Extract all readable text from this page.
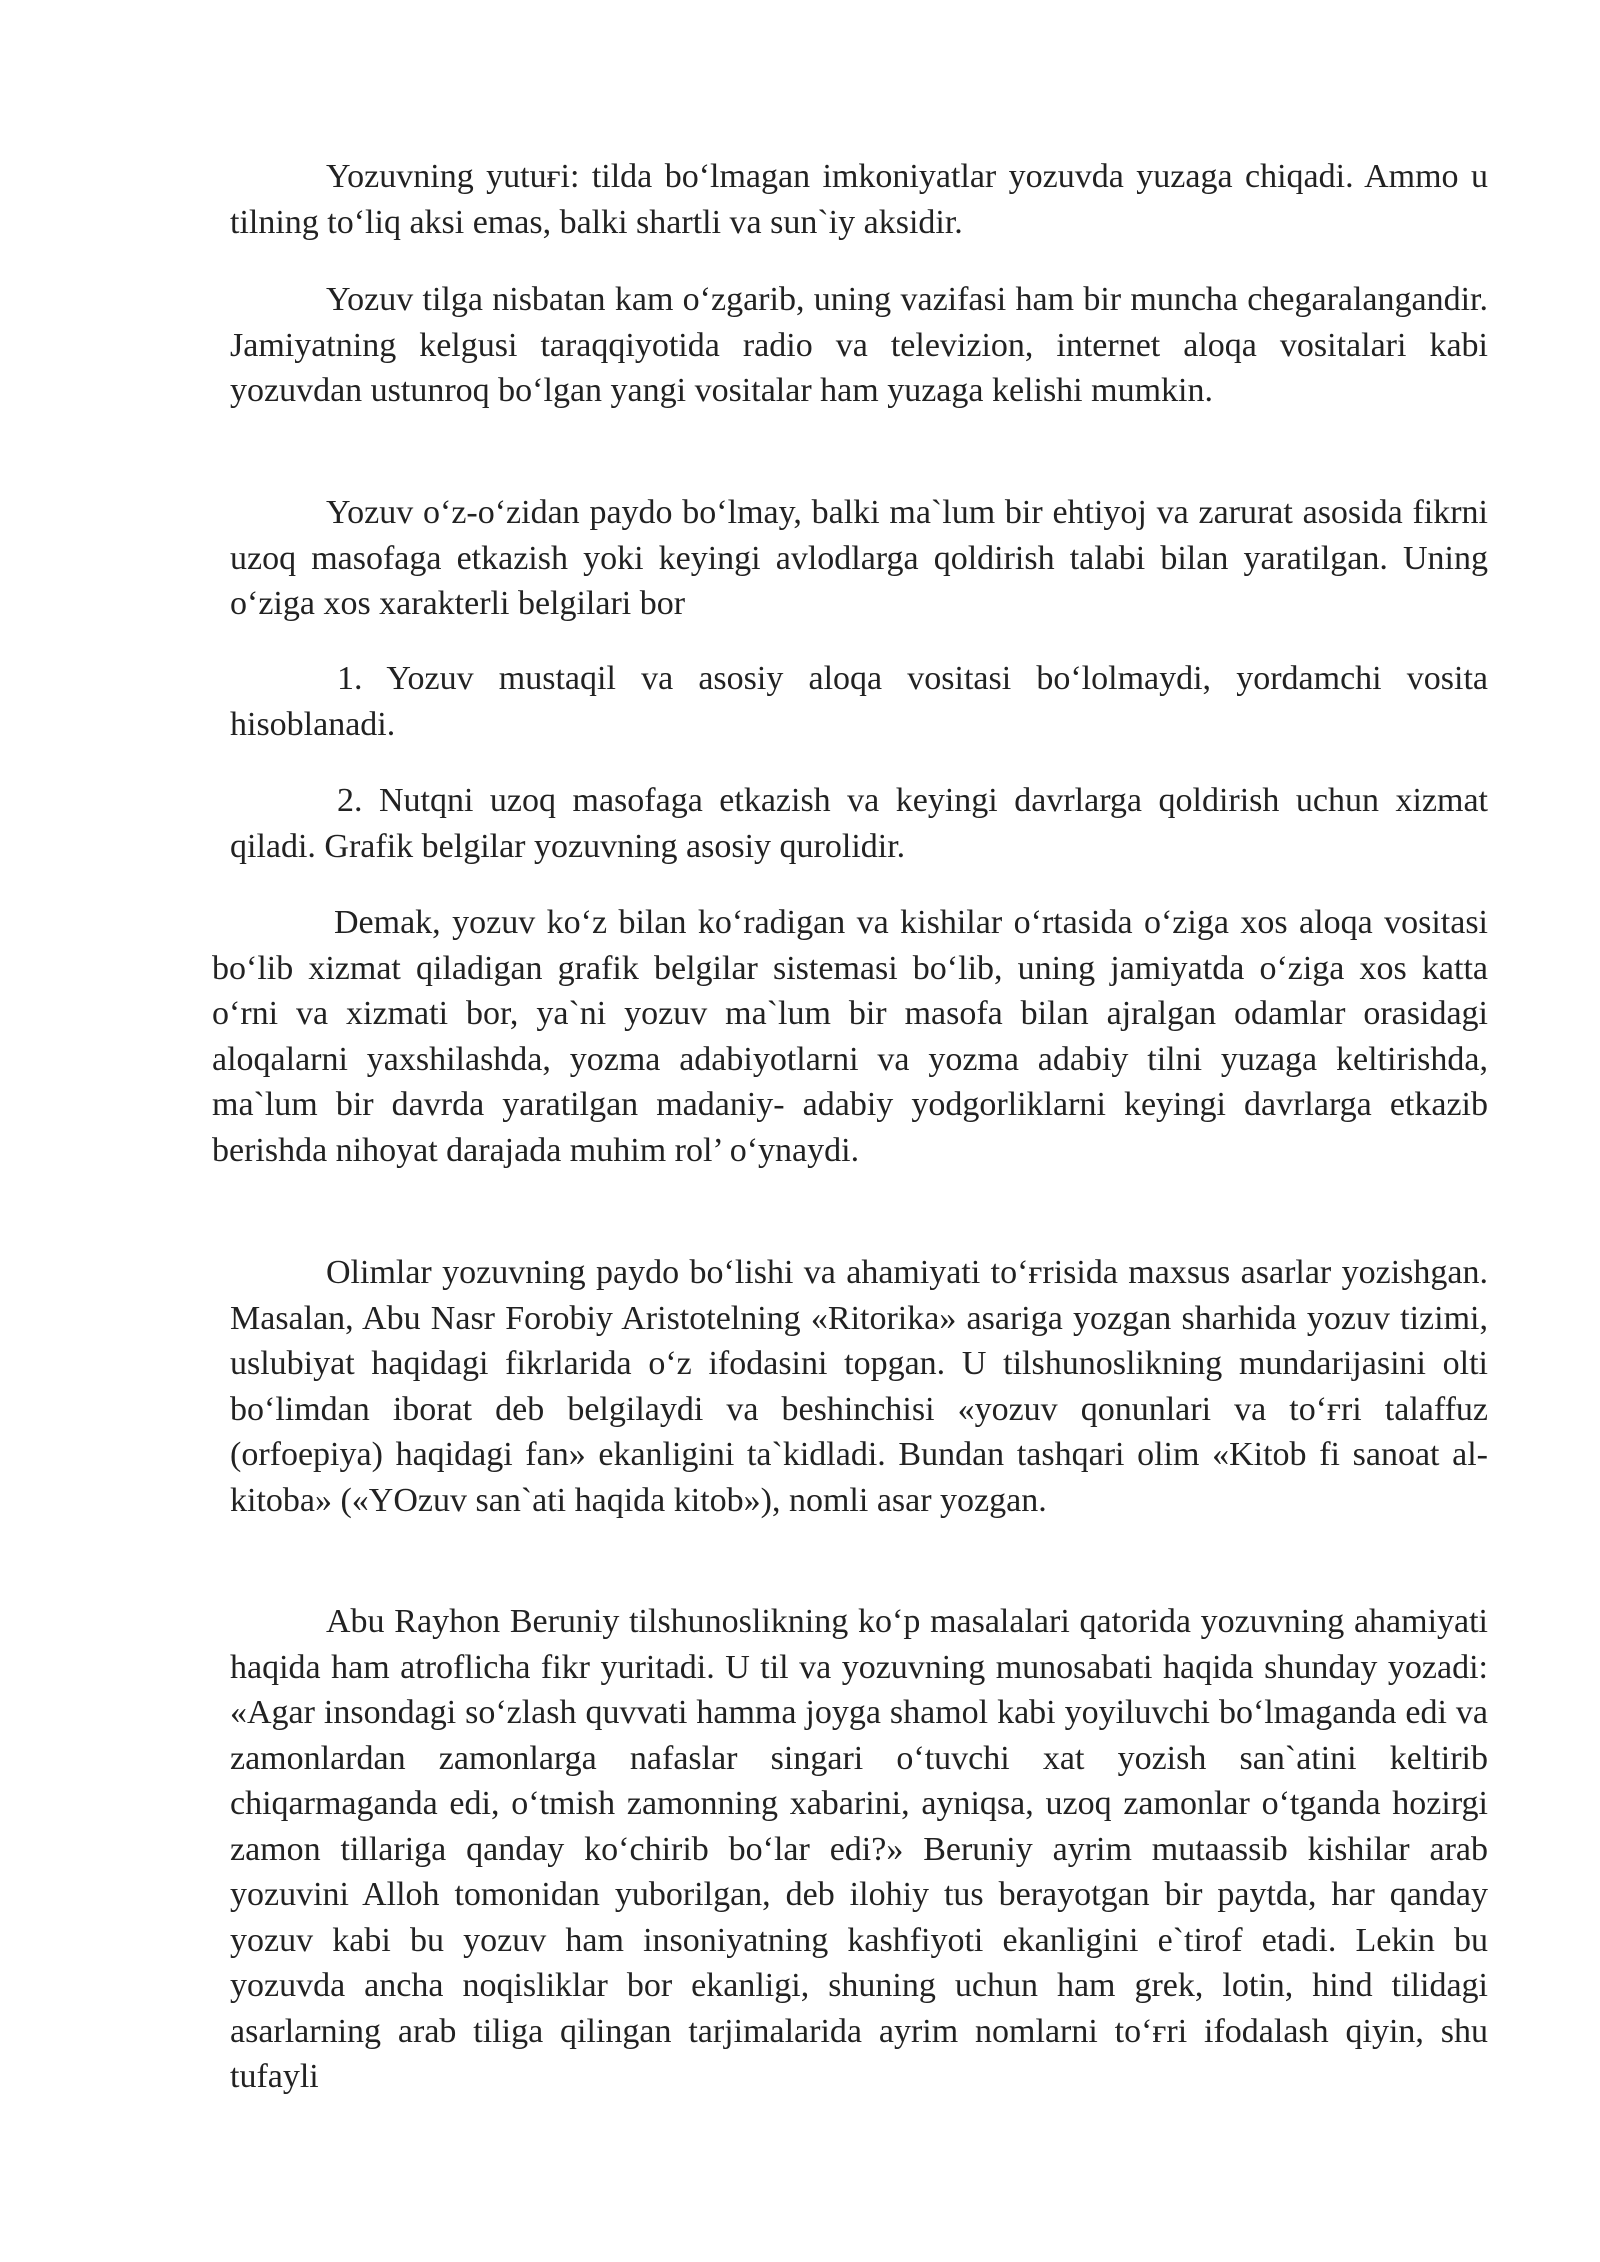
Yozuvning yutuғi: tilda bo‘lmagan imkoniyatlar yozuvda yuzaga chiqadi. Ammo u tilning to‘liq aksi emas, balki shartli va sun`iy aksidir.

Yozuv tilga nisbatan kam o‘zgarib, uning vazifasi ham bir muncha chegaralangandir. Jamiyatning kelgusi taraqqiyotida radio va televizion, internet aloqa vositalari kabi yozuvdan ustunroq bo‘lgan yangi vositalar ham yuzaga kelishi mumkin.

Yozuv o‘z-o‘zidan paydo bo‘lmay, balki ma`lum bir ehtiyoj va zarurat asosida fikrni uzoq masofaga etkazish yoki keyingi avlodlarga qoldirish talabi bilan yaratilgan. Uning o‘ziga xos xarakterli belgilari bor

1. Yozuv mustaqil va asosiy aloqa vositasi bo‘lolmaydi, yordamchi vosita hisoblanadi.

2. Nutqni uzoq masofaga etkazish va keyingi davrlarga qoldirish uchun xizmat qiladi. Grafik belgilar yozuvning asosiy qurolidir.

Demak, yozuv ko‘z bilan ko‘radigan va kishilar o‘rtasida o‘ziga xos aloqa vositasi bo‘lib xizmat qiladigan grafik belgilar sistemasi bo‘lib, uning jamiyatda o‘ziga xos katta o‘rni va xizmati bor, ya`ni yozuv ma`lum bir masofa bilan ajralgan odamlar orasidagi aloqalarni yaxshilashda, yozma adabiyotlarni va yozma adabiy tilni yuzaga keltirishda, ma`lum bir davrda yaratilgan madaniy- adabiy yodgorliklarni keyingi davrlarga etkazib berishda nihoyat darajada muhim rol’ o‘ynaydi.

Olimlar yozuvning paydo bo‘lishi va ahamiyati to‘ғrisida maxsus asarlar yozishgan. Masalan, Abu Nasr Forobiy Aristotelning «Ritorika» asariga yozgan sharhida yozuv tizimi, uslubiyat haqidagi fikrlarida o‘z ifodasini topgan. U tilshunoslikning mundarijasini olti bo‘limdan iborat deb belgilaydi va beshinchisi «yozuv qonunlari va to‘ғri talaffuz (orfoepiya) haqidagi fan» ekanligini ta`kidladi. Bundan tashqari olim «Kitob fi sanoat al-kitoba» («YOzuv san`ati haqida kitob»), nomli asar yozgan.

Abu Rayhon Beruniy tilshunoslikning ko‘p masalalari qatorida yozuvning ahamiyati haqida ham atroflicha fikr yuritadi. U til va yozuvning munosabati haqida shunday yozadi: «Agar insondagi so‘zlash quvvati hamma joyga shamol kabi yoyiluvchi bo‘lmaganda edi va zamonlardan zamonlarga nafaslar singari o‘tuvchi xat yozish san`atini keltirib chiqarmaganda edi, o‘tmish zamonning xabarini, ayniqsa, uzoq zamonlar o‘tganda hozirgi zamon tillariga qanday ko‘chirib bo‘lar edi?» Beruniy ayrim mutaassib kishilar arab yozuvini Alloh tomonidan yuborilgan, deb ilohiy tus berayotgan bir paytda, har qanday yozuv kabi bu yozuv ham insoniyatning kashfiyoti ekanligini e`tirof etadi. Lekin bu yozuvda ancha noqisliklar bor ekanligi, shuning uchun ham grek, lotin, hind tilidagi asarlarning arab tiliga qilingan tarjimalarida ayrim nomlarni to‘ғri ifodalash qiyin, shu tufayli
